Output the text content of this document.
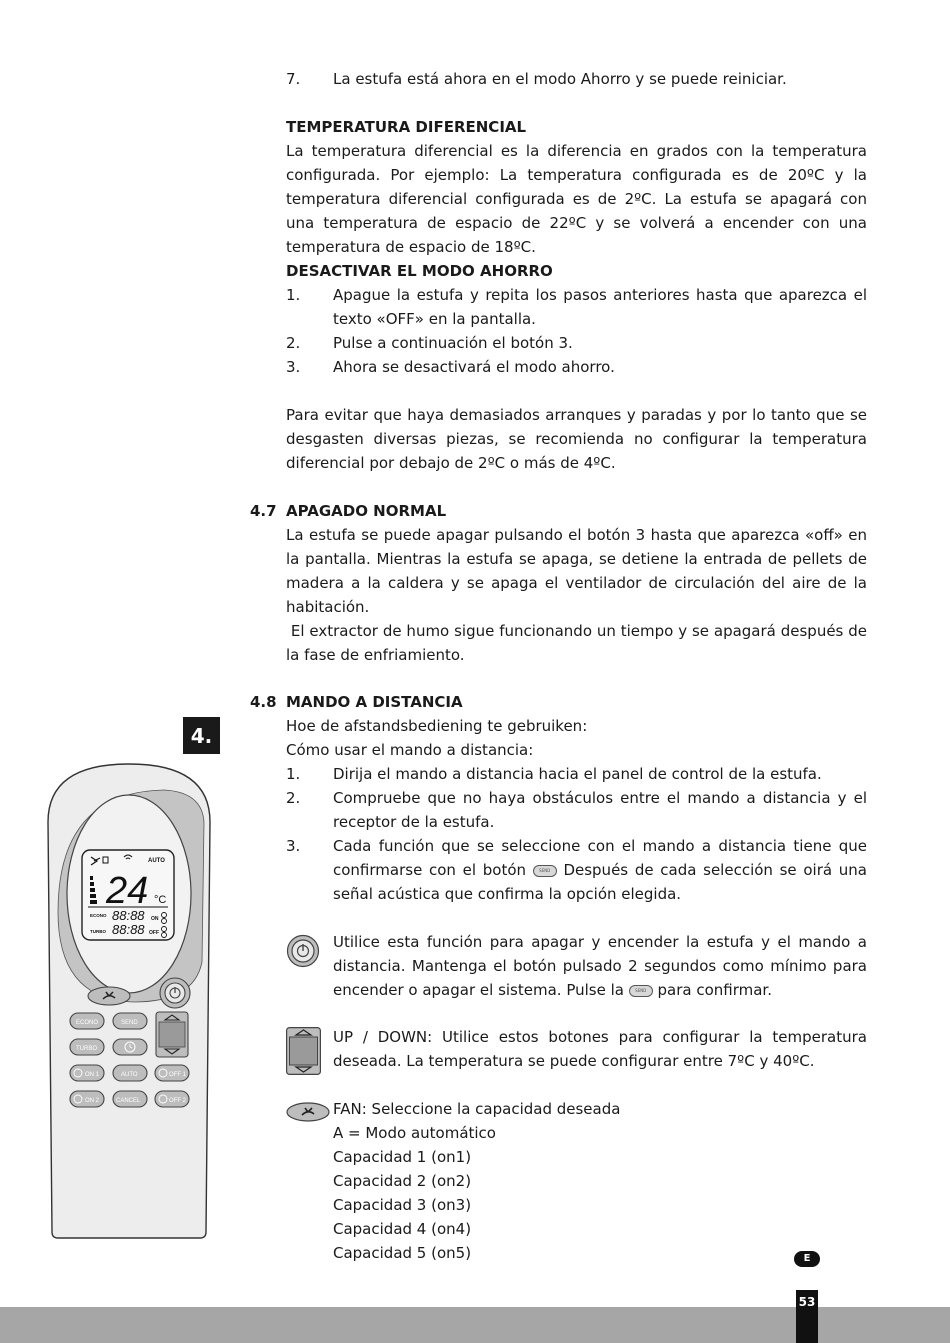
7. La estufa está ahora en el modo Ahorro y se puede reiniciar.
TEMPERATURA DIFERENCIAL
La temperatura diferencial es la diferencia en grados con la temperatura configurada. Por ejemplo: La temperatura configurada es de 20ºC y la temperatura diferencial configurada es de 2ºC. La estufa se apagará con una temperatura de espacio de 22ºC y se volverá a encender con una temperatura de espacio de 18ºC.
DESACTIVAR EL MODO AHORRO
1. Apague la estufa y repita los pasos anteriores hasta que aparezca el texto «OFF» en la pantalla.
2. Pulse a continuación el botón 3.
3. Ahora se desactivará el modo ahorro.
Para evitar que haya demasiados arranques y paradas y por lo tanto que se desgasten diversas piezas, se recomienda no configurar la temperatura diferencial por debajo de 2ºC o más de 4ºC.
4.7 APAGADO NORMAL
La estufa se puede apagar pulsando el botón 3 hasta que aparezca «off» en la pantalla. Mientras la estufa se apaga, se detiene la entrada de pellets de madera a la caldera y se apaga el ventilador de circulación del aire de la habitación.
El extractor de humo sigue funcionando un tiempo y se apagará después de la fase de enfriamiento.
4.8 MANDO A DISTANCIA
Hoe de afstandsbediening te gebruiken:
Cómo usar el mando a distancia:
1. Dirija el mando a distancia hacia el panel de control de la estufa.
2. Compruebe que no haya obstáculos entre el mando a distancia y el receptor de la estufa.
3. Cada función que se seleccione con el mando a distancia tiene que confirmarse con el botón	SEND Después de cada selección se oirá una señal acústica que confirma la opción elegida.
Utilice esta función para apagar y encender la estufa y el mando a distancia. Mantenga el botón pulsado 2 segundos como mínimo para encender o apagar el sistema. Pulse la	SEND para confirmar.
UP / DOWN: Utilice estos botones para configurar la temperatura deseada. La temperatura se puede configurar entre 7ºC y 40ºC.
FAN: Seleccione la capacidad deseada
A = Modo automático
Capacidad 1 (on1)
Capacidad 2 (on2)
Capacidad 3 (on3)
Capacidad 4 (on4)
Capacidad 5 (on5)
4.
AUTO
24 °C
ECONO
TURBO
88:88
88:88
ON
OFF
ECONO	SEND
TURBO
ON 1	AUTO	OFF 1
ON 2	CANCEL	OFF 2
E
53
